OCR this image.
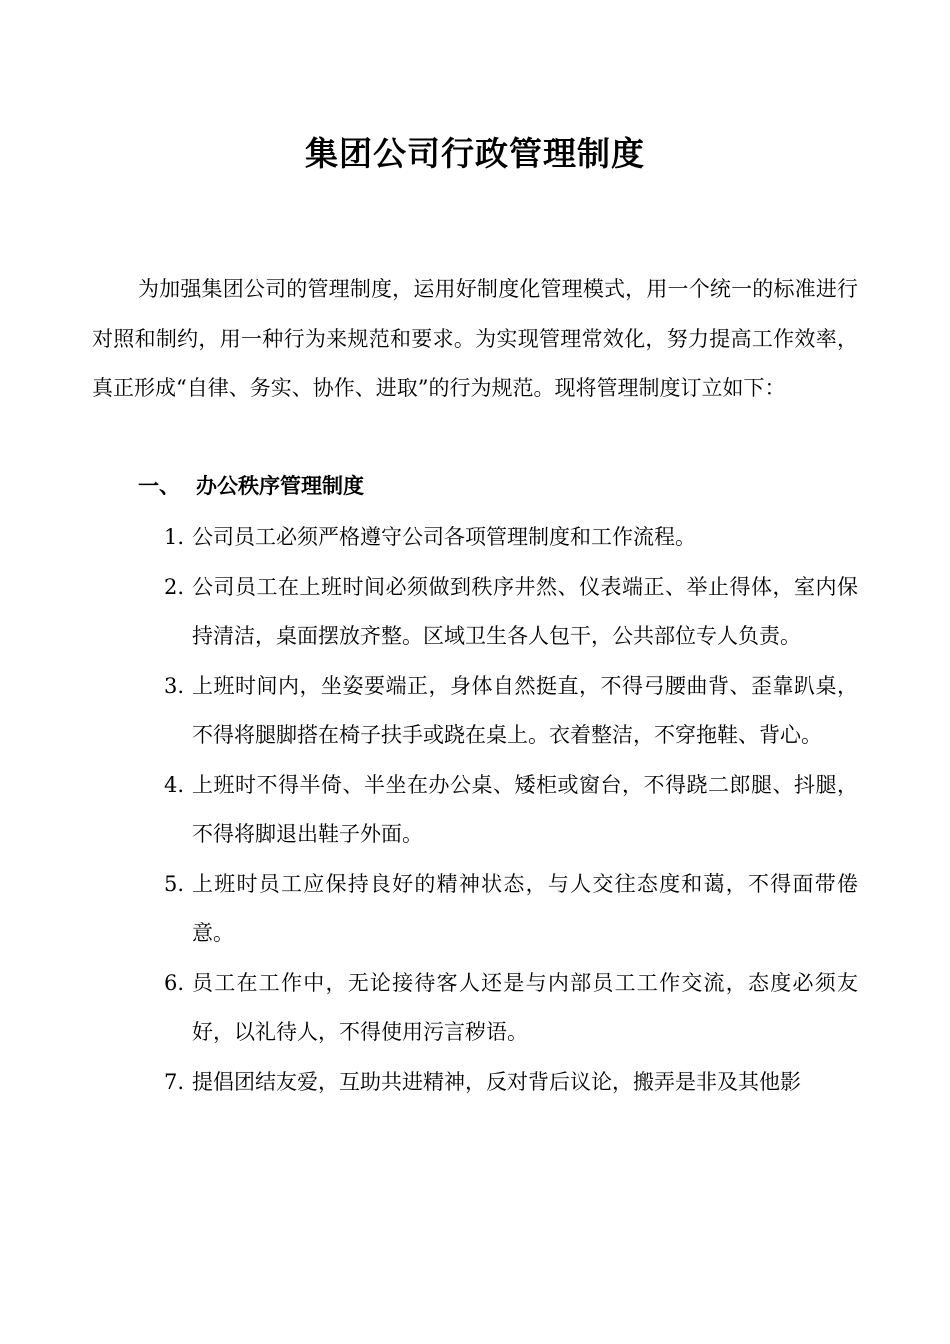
集团公司行政管理制度

为加强集团公司的管理制度，运用好制度化管理模式，用一个统一的标准进行对照和制约，用一种行为来规范和要求。为实现管理常效化，努力提高工作效率，真正形成“自律、务实、协作、进取”的行为规范。现将管理制度订立如下：

一、 办公秩序管理制度
1. 公司员工必须严格遵守公司各项管理制度和工作流程。
2. 公司员工在上班时间必须做到秩序井然、仪表端正、举止得体，室内保持清洁，桌面摆放齐整。区域卫生各人包干，公共部位专人负责。
3. 上班时间内，坐姿要端正，身体自然挺直，不得弓腰曲背、歪靠趴桌，不得将腿脚搭在椅子扶手或跷在桌上。衣着整洁，不穿拖鞋、背心。
4. 上班时不得半倚、半坐在办公桌、矮柜或窗台，不得跷二郎腿、抖腿，不得将脚退出鞋子外面。
5. 上班时员工应保持良好的精神状态，与人交往态度和蔼，不得面带倦意。
6. 员工在工作中，无论接待客人还是与内部员工工作交流，态度必须友好，以礼待人，不得使用污言秽语。
7. 提倡团结友爱，互助共进精神，反对背后议论，搬弄是非及其他影
